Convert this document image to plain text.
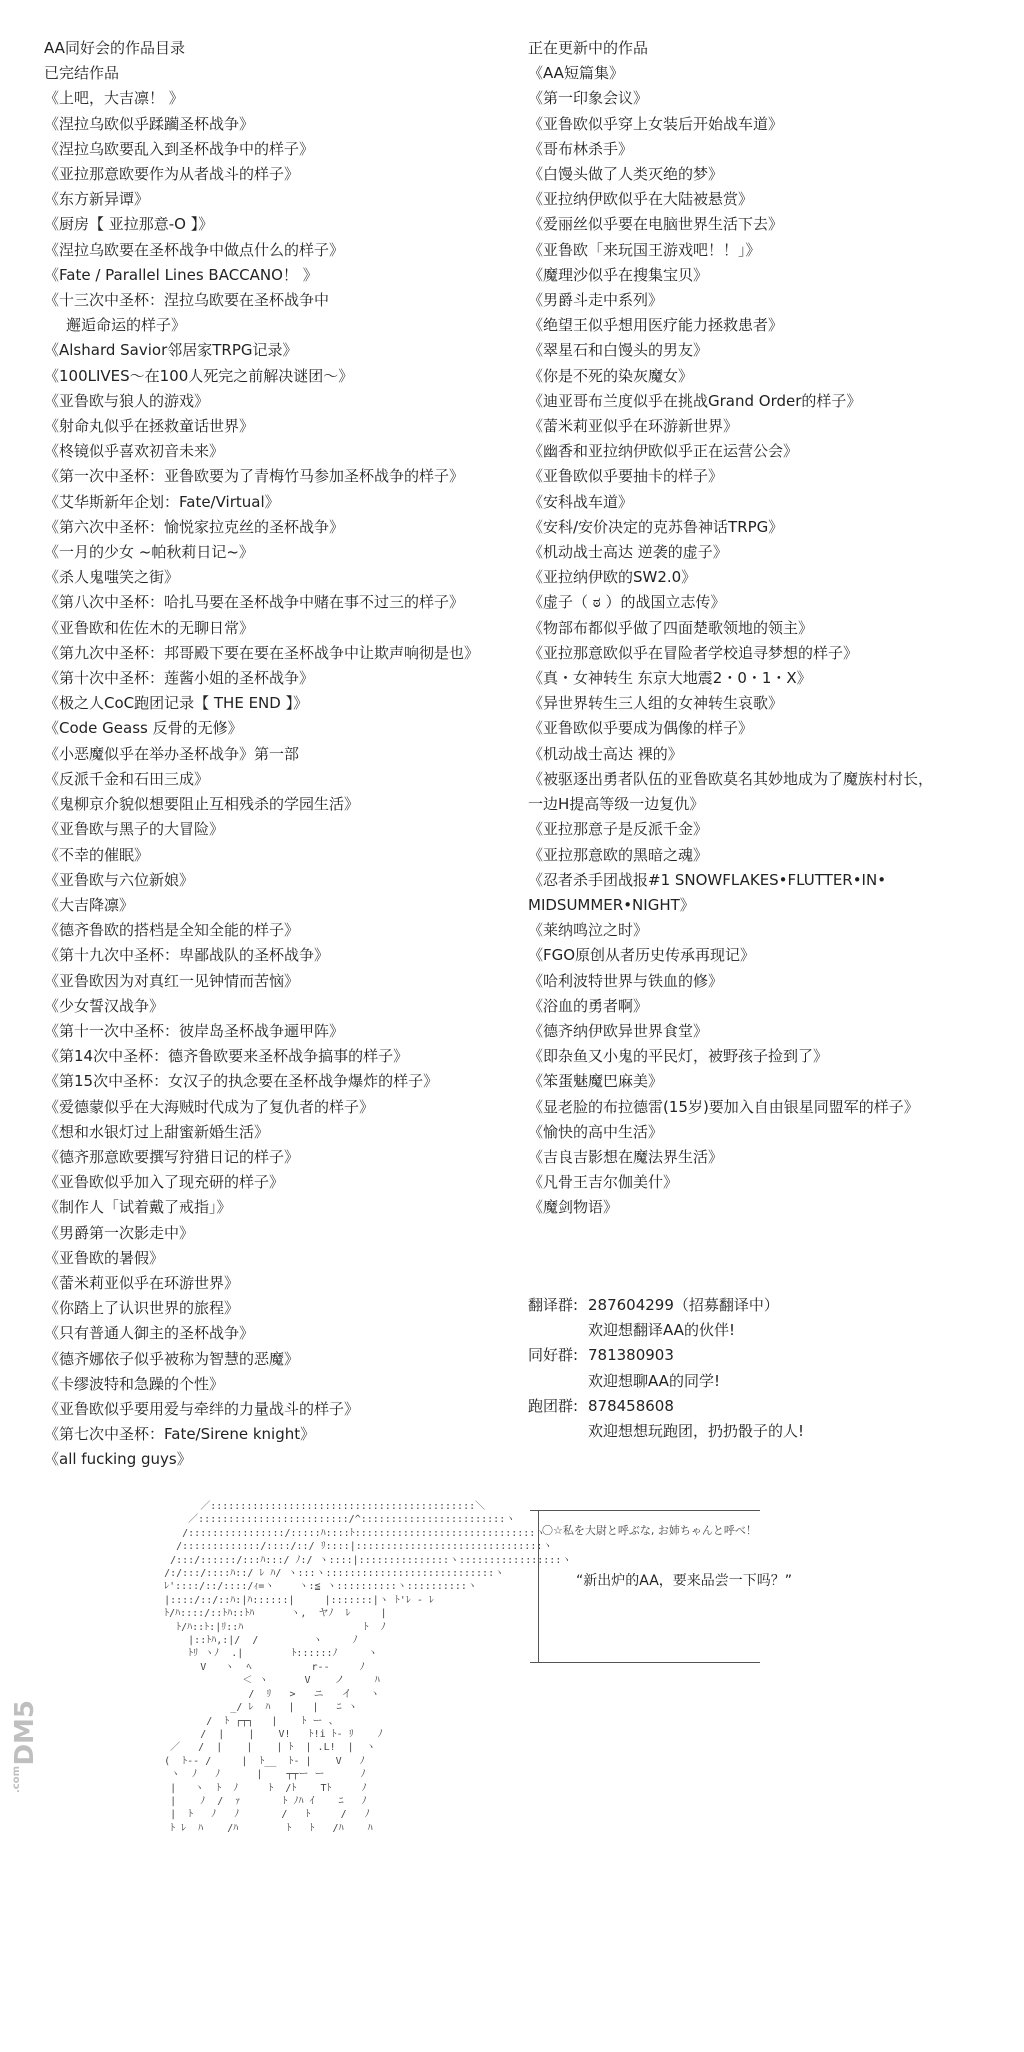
AA同好会的作品目录
已完结作品
《上吧，大吉凛！ 》
《涅拉乌欧似乎蹂躏圣杯战争》
《涅拉乌欧要乱入到圣杯战争中的样子》
《亚拉那意欧要作为从者战斗的样子》
《东方新异谭》
《厨房【 亚拉那意-O 】》
《涅拉乌欧要在圣杯战争中做点什么的样子》
《Fate / Parallel Lines BACCANO！ 》
《十三次中圣杯：涅拉乌欧要在圣杯战争中
邂逅命运的样子》
《Alshard Savior邻居家TRPG记录》
《100LIVES～在100人死完之前解决谜团～》
《亚鲁欧与狼人的游戏》
《射命丸似乎在拯救童话世界》
《柊镜似乎喜欢初音未来》
《第一次中圣杯：亚鲁欧要为了青梅竹马参加圣杯战争的样子》
《艾华斯新年企划：Fate/Virtual》
《第六次中圣杯：愉悦家拉克丝的圣杯战争》
《一月的少女 ~帕秋莉日记~》
《杀人鬼嗤笑之街》
《第八次中圣杯：哈扎马要在圣杯战争中赌在事不过三的样子》
《亚鲁欧和佐佐木的无聊日常》
《第九次中圣杯：邦哥殿下要在要在圣杯战争中让欺声响彻是也》
《第十次中圣杯：莲酱小姐的圣杯战争》
《极之人CoC跑团记录【 THE END 】》
《Code Geass 反骨的无修》
《小恶魔似乎在举办圣杯战争》第一部
《反派千金和石田三成》
《鬼柳京介貌似想要阻止互相残杀的学园生活》
《亚鲁欧与黑子的大冒险》
《不幸的催眠》
《亚鲁欧与六位新娘》
《大吉降凛》
《德齐鲁欧的搭档是全知全能的样子》
《第十九次中圣杯：卑鄙战队的圣杯战争》
《亚鲁欧因为对真红一见钟情而苦恼》
《少女誓汉战争》
《第十一次中圣杯：彼岸岛圣杯战争逦甲阵》
《第14次中圣杯：德齐鲁欧要来圣杯战争搞事的样子》
《第15次中圣杯：女汉子的执念要在圣杯战争爆炸的样子》
《爱德蒙似乎在大海贼时代成为了复仇者的样子》
《想和水银灯过上甜蜜新婚生活》
《德齐那意欧要撰写狩猎日记的样子》
《亚鲁欧似乎加入了现充研的样子》
《制作人「试着戴了戒指」》
《男爵第一次影走中》
《亚鲁欧的暑假》
《蕾米莉亚似乎在环游世界》
《你踏上了认识世界的旅程》
《只有普通人御主的圣杯战争》
《德齐娜依子似乎被称为智慧的恶魔》
《卡缪波特和急躁的个性》
《亚鲁欧似乎要用爱与牵绊的力量战斗的样子》
《第七次中圣杯：Fate/Sirene knight》
《all fucking guys》
正在更新中的作品
《AA短篇集》
《第一印象会议》
《亚鲁欧似乎穿上女装后开始战车道》
《哥布林杀手》
《白馒头做了人类灭绝的梦》
《亚拉纳伊欧似乎在大陆被悬赏》
《爱丽丝似乎要在电脑世界生活下去》
《亚鲁欧「来玩国王游戏吧！！」》
《魔理沙似乎在搜集宝贝》
《男爵斗走中系列》
《绝望王似乎想用医疗能力拯救患者》
《翠星石和白馒头的男友》
《你是不死的染灰魔女》
《迪亚哥布兰度似乎在挑战Grand Order的样子》
《蕾米莉亚似乎在环游新世界》
《幽香和亚拉纳伊欧似乎正在运营公会》
《亚鲁欧似乎要抽卡的样子》
《安科战车道》
《安科/安价决定的克苏鲁神话TRPG》
《机动战士高达 逆袭的虚子》
《亚拉纳伊欧的SW2.0》
《虚子（ ಠ ）的战国立志传》
《物部布都似乎做了四面楚歌领地的领主》
《亚拉那意欧似乎在冒险者学校追寻梦想的样子》
《真・女神转生 东京大地震2・0・1・X》
《异世界转生三人组的女神转生哀歌》
《亚鲁欧似乎要成为偶像的样子》
《机动战士高达 裸的》
《被驱逐出勇者队伍的亚鲁欧莫名其妙地成为了魔族村村长，
一边H提高等级一边复仇》
《亚拉那意子是反派千金》
《亚拉那意欧的黑暗之魂》
《忍者杀手团战报#1 SNOWFLAKES•FLUTTER•IN•
MIDSUMMER•NIGHT》
《莱纳鸣泣之时》
《FGO原创从者历史传承再现记》
《哈利波特世界与铁血的修》
《浴血的勇者啊》
《德齐纳伊欧异世界食堂》
《即杂鱼又小鬼的平民灯，被野孩子捡到了》
《笨蛋魅魔巴麻美》
《显老脸的布拉德雷(15岁)要加入自由银星同盟军的样子》
《愉快的高中生活》
《吉良吉影想在魔法界生活》
《凡骨王吉尔伽美什》
《魔剑物语》
翻译群: 287604299（招募翻译中）
欢迎想翻译AA的伙伴!
同好群: 781380903
欢迎想聊AA的同学!
跑团群: 878458608
欢迎想想玩跑团，扔扔骰子的人!
／::::::::::::::::::::::::::::::::::::::::::::＼
／:::::::::::::::::::::::::/^::::::::::::::::::::::::ヽ
/::::::::::::::::/:::::ﾊ::::ﾄ::::::::::::::::::::::::::::::ヽ
/:::::::::::::/::::/::/ ﾘ::::|:::::::::::::::::::::::::::::::ヽ
/:::/::::::/:::ﾊ:::/ ﾉ:/ ヽ::::|:::::::::::::::ヽ:::::::::::::::::ヽ
/:/:::/::::ﾊ::/ ﾚ ﾊ/ ヽ:::ヽ::::::::::::::::::::::::::::ヽ
ﾚ'::::/::/::::/ｨ=ヽ    ヽ:≦ ヽ::::::::::ヽ::::::::::ヽ
|::::/::/::ﾊ:|ﾊ::::::|     |:::::::|ヽ ﾄ'ﾚ - ﾚ
ﾄ/ﾊ::::/::ﾄﾊ::ﾄﾊ      ヽ,  ヤﾉ  ﾚ     |
ﾄ/ﾊ::ﾄ:|ﾘ::ﾊ                    ﾄ  ﾉ
|::ﾄﾊ,:|/  /         ヽ     ﾉ
ﾄﾘ ヽﾉ  .|        ﾄ::::::ﾉ     ヽ
V   ヽ  ﾍ          r--     ﾉ
＜ ヽ      V    ノ     ﾊ
/  ﾘ   >   ニ   イ   ヽ
_/ ﾚ  ﾊ   |   |   ﾆ ヽ
/  ﾄ ┌┬┐   |    ﾄ ー 、
/  |    |    V!   ﾄ!i ﾄ- ﾘ    ﾉ
／   /  |    |    | ﾄ  | .L!  |  ヽ
(  ﾄ-- /     |  ﾄ__  ﾄ- |    V   ﾉ
ヽ  ﾉ   ﾉ      |    ┬┬ー ー      ﾉ
|   ヽ  ﾄ  ﾉ     ﾄ  /ﾄ    Tﾄ     ﾉ
|    ﾉ  /  ｧ       ﾄ ﾉﾊ ｲ    ﾆ   ﾉ
|  ﾄ   ﾉ   ﾉ       /   ﾄ     /   ﾉ
ﾄ ﾚ  ﾊ    /ﾊ        ﾄ   ﾄ   /ﾊ    ﾊ
〇☆私を大尉と呼ぶな, お姉ちゃんと呼べ！
“新出炉的AA，要来品尝一下吗？”
DM5
.com
